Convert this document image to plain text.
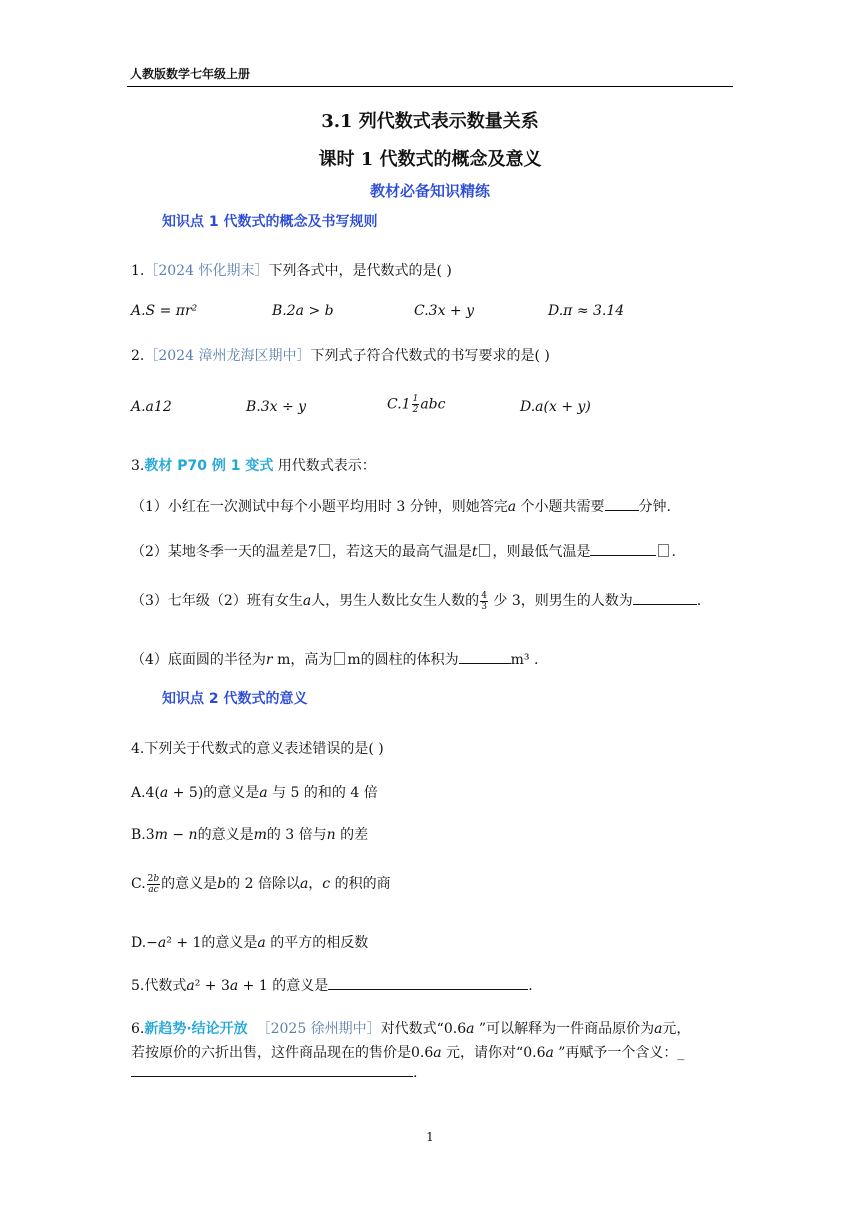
人教版数学七年级上册
3.1 列代数式表示数量关系
课时 1 代数式的概念及意义
教材必备知识精练
知识点 1 代数式的概念及书写规则
1.［2024 怀化期末］下列各式中，是代数式的是( )
A.𝑆 = π𝑟²	B.2𝑎 > 𝑏	C.3𝑥 + 𝑦	D.π ≈ 3.14
2.［2024 漳州龙海区期中］下列式子符合代数式的书写要求的是( )
A.𝑎12	B.3𝑥 ÷ 𝑦	$C.1 \frac{1}{2}$ 𝑎𝑏𝑐	D.𝑎(𝑥 + 𝑦)
3.教材 P70 例 1 变式 用代数式表示：
（1）小红在一次测试中每个小题平均用时 3 分钟，则她答完𝑎 个小题共需要 分钟.
（2）某地冬季一天的温差是7 ，若这天的最高气温是𝑡 ，则最低气温是	.
（3）七年级（2）班有女生𝑎人，男生人数比女生人数的 $\frac{4}{3}$ 少 3，则男生的人数为	.
（4）底面圆的半径为𝑟 m，高为 m的圆柱的体积为	m³ .
知识点 2 代数式的意义
4.下列关于代数式的意义表述错误的是( )
A.4(𝑎 + 5)的意义是𝑎 与 5 的和的 4 倍
B.3𝑚 − 𝑛的意义是𝑚的 3 倍与𝑛 的差
C. $\frac{\text{2𝑏}}{\text{𝑎𝑐}}$ 的意义是𝑏的 2 倍除以𝑎，𝑐 的积的商
D.−𝑎² + 1的意义是𝑎 的平方的相反数
5.代数式𝑎² + 3𝑎 + 1 的意义是	.
6.新趋势·结论开放 ［2025 徐州期中］对代数式“0.6𝑎 ”可以解释为一件商品原价为𝑎元，
若按原价的六折出售，这件商品现在的售价是0.6𝑎 元，请你对“0.6𝑎 ”再赋予一个含义：_
.
1
